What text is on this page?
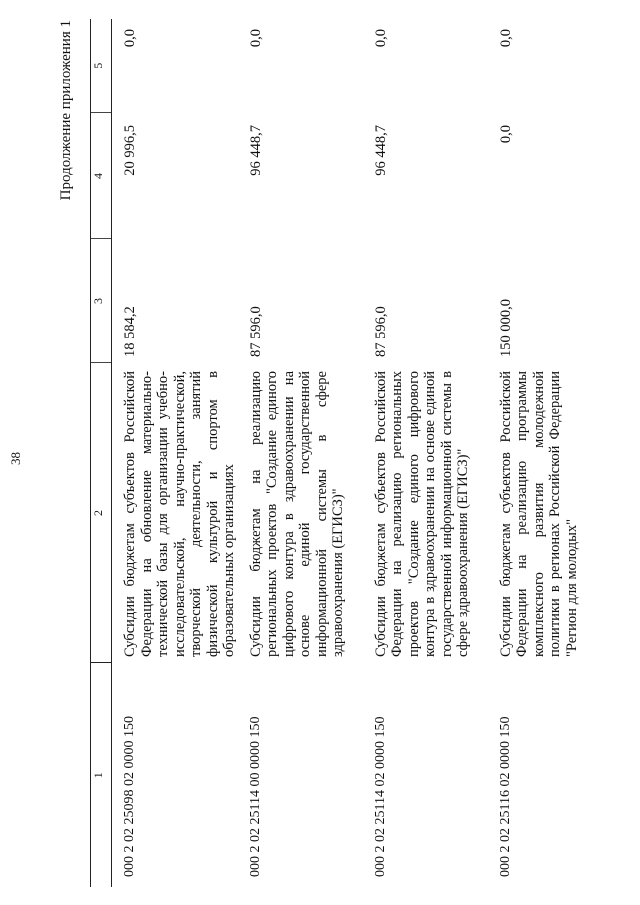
38
Продолжение приложения 1
1	2	3	4	5
000 2 02 25098 02 0000 150	Субсидии бюджетам субъектов Российской Федерации на обновление материально-технической базы для организации учебно-исследовательской, научно-практической, творческой деятельности, занятий физической культурой и спортом в образовательных организациях	18 584,2	20 996,5	0,0
000 2 02 25114 00 0000 150	Субсидии бюджетам на реализацию региональных проектов "Создание единого цифрового контура в здравоохранении на основе единой государственной информационной системы в сфере здравоохранения (ЕГИСЗ)"	87 596,0	96 448,7	0,0
000 2 02 25114 02 0000 150	Субсидии бюджетам субъектов Российской Федерации на реализацию региональных проектов "Создание единого цифрового контура в здравоохранении на основе единой государственной информационной системы в сфере здравоохранения (ЕГИСЗ)"	87 596,0	96 448,7	0,0
000 2 02 25116 02 0000 150	Субсидии бюджетам субъектов Российской Федерации на реализацию программы комплексного развития молодежной политики в регионах Российской Федерации "Регион для молодых"	150 000,0	0,0	0,0
